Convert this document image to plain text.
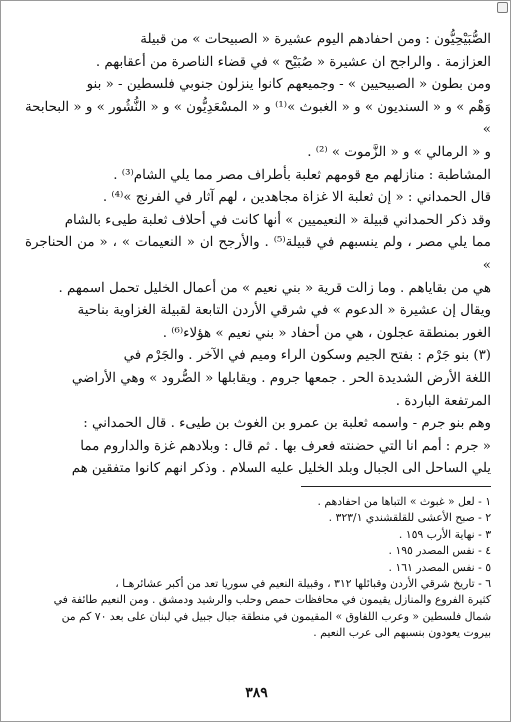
الصُّبَيْحِيُّون : ومن احفادهم اليوم عشيرة « الصبيحات » من قبيلة

العزازمة . والراجح ان عشيرة « صُبَيْح » في قضاء الناصرة من أعقابهم .

ومن بطون « الصبيحيين » - وجميعهم كانوا ينزلون جنوبي فلسطين - « بنو

وَهْم » و « السنديون » و « الغبوث »⁽¹⁾ و « المسْعَدِيُّون » و « النُّشُور » و « البحابحة »

و « الرمالي » و « الزَّموت » ⁽²⁾ .

المشاطبة : منازلهم مع قومهم ثعلبة بأطراف مصر مما يلي الشام⁽³⁾ .

قال الحمداني : « إن ثعلبة الا غزاة مجاهدين ، لهم آثار في الفرنج »⁽⁴⁾ .

وقد ذكر الحمداني قبيلة « النعيميين » أنها كانت في أحلاف ثعلبة طيىء بالشام

مما يلي مصر ، ولم ينسبهم في قبيلة⁽⁵⁾ . والأرجح ان « النعيمات » ، « من الحناجرة »

هي من بقاياهم . وما زالت قرية « بني نعيم » من أعمال الخليل تحمل اسمهم .

ويقال إن عشيرة « الدعوم » في شرقي الأردن التابعة لقبيلة الغزاوية بناحية

الغور بمنطقة عجلون ، هي من أحفاد « بني نعيم » هؤلاء⁽⁶⁾ .

(٣) بنو جَرْم : بفتح الجيم وسكون الراء وميم في الآخر . والجَرْم في

اللغة الأرض الشديدة الحر . جمعها جروم . ويقابلها « الصُّرود » وهي الأراضي

المرتفعة الباردة .

وهم بنو جرم - واسمه ثعلبة بن عمرو بن الغوث بن طيىء . قال الحمداني :

« جرم : أمم انا التي حضنته فعرف بها . ثم قال : وبلادهم غزة والداروم مما

يلي الساحل الى الجبال وبلد الخليل عليه السلام . وذكر انهم كانوا متفقين هم

١ - لعل « غبوث » التباها من احفادهم .

٢ - صبح الأعشى للقلقشندي ٣٢٣/١ .

٣ - نهاية الأرب ١٥٩ .

٤ - نفس المصدر ١٩٥ .

٥ - نفس المصدر ١٦١ .

٦ - تاريخ شرقي الأردن وقبائلها ٣١٢ ، وقبيلة النعيم في سوريا تعد من أكبر عشائرهـا ،

كثيرة الفروع والمنازل يقيمون في محافظات حمص وحلب والرشيد ودمشق . ومن النعيم طائفة في

شمال فلسطين « وعرب اللفاوق » المقيمون في منطقة جبال جبيل في لبنان على بعد ٧٠ كم من

بيروت يعودون بنسبهم الى عرب النعيم .

٣٨٩
